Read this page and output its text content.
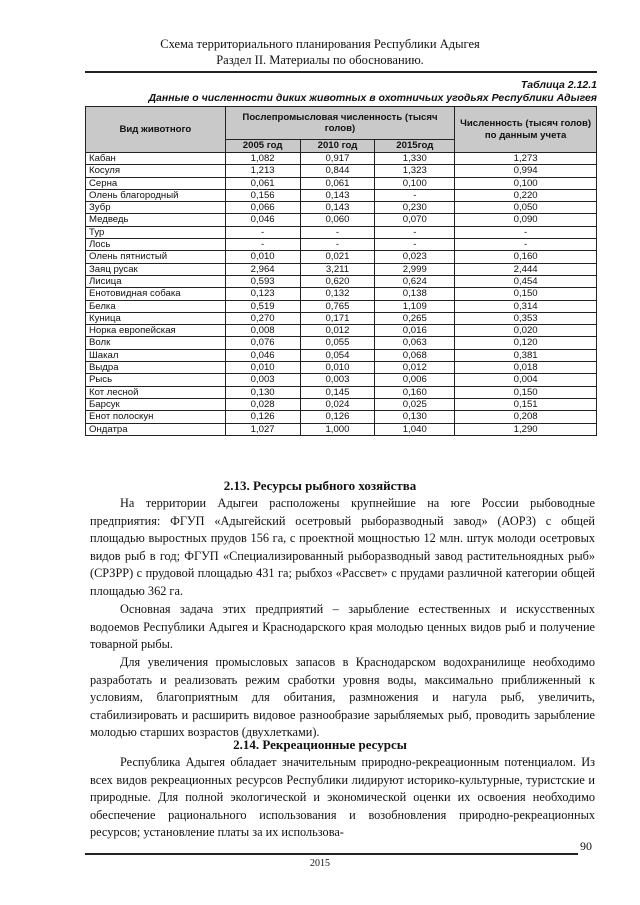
Схема территориального планирования Республики Адыгея
Раздел II. Материалы по обоснованию.
Таблица 2.12.1
Данные о численности диких животных в охотничьих угодьях Республики Адыгея
Вид животного	Послепромысловая численность (тысяч голов)			Численность (тысяч голов) по данным учета
	2005 год	2010 год	2015год	
Кабан	1,082	0,917	1,330	1,273
Косуля	1,213	0,844	1,323	0,994
Серна	0,061	0,061	0,100	0,100
Олень благородный	0,156	0,143	-	0,220
Зубр	0,066	0,143	0,230	0,050
Медведь	0,046	0,060	0,070	0,090
Тур	-	-	-	-
Лось	-	-	-	-
Олень пятнистый	0,010	0,021	0,023	0,160
Заяц русак	2,964	3,211	2,999	2,444
Лисица	0,593	0,620	0,624	0,454
Енотовидная собака	0,123	0,132	0,138	0,150
Белка	0,519	0,765	1,109	0,314
Куница	0,270	0,171	0,265	0,353
Норка европейская	0,008	0,012	0,016	0,020
Волк	0,076	0,055	0,063	0,120
Шакал	0,046	0,054	0,068	0,381
Выдра	0,010	0,010	0,012	0,018
Рысь	0,003	0,003	0,006	0,004
Кот лесной	0,130	0,145	0,160	0,150
Барсук	0,028	0,024	0,025	0,151
Енот полоскун	0,126	0,126	0,130	0,208
Ондатра	1,027	1,000	1,040	1,290
2.13. Ресурсы рыбного хозяйства

На территории Адыгеи расположены крупнейшие на юге России рыбоводные предприятия: ФГУП «Адыгейский осетровый рыборазводный завод» (АОРЗ) с общей площадью выростных прудов 156 га, с проектной мощностью 12 млн. штук молоди осетровых видов рыб в год; ФГУП «Специализированный рыборазводный завод растительноядных рыб» (СРЗРР) с прудовой площадью 431 га; рыбхоз «Рассвет» с прудами различной категории общей площадью 362 га.

Основная задача этих предприятий – зарыбление естественных и искусственных водоемов Республики Адыгея и Краснодарского края молодью ценных видов рыб и получение товарной рыбы.

Для увеличения промысловых запасов в Краснодарском водохранилище необходимо разработать и реализовать режим сработки уровня воды, максимально приближенный к условиям, благоприятным для обитания, размножения и нагула рыб, увеличить, стабилизировать и расширить видовое разнообразие зарыбляемых рыб, проводить зарыбление молодью старших возрастов (двухлетками).

2.14. Рекреационные ресурсы

Республика Адыгея обладает значительным природно-рекреационным потенциалом. Из всех видов рекреационных ресурсов Республики лидируют историко-культурные, туристские и природные. Для полной экологической и экономической оценки их освоения необходимо обеспечение рационального использования и возобновления природно-рекреационных ресурсов; установление платы за их использова-

90
2015
